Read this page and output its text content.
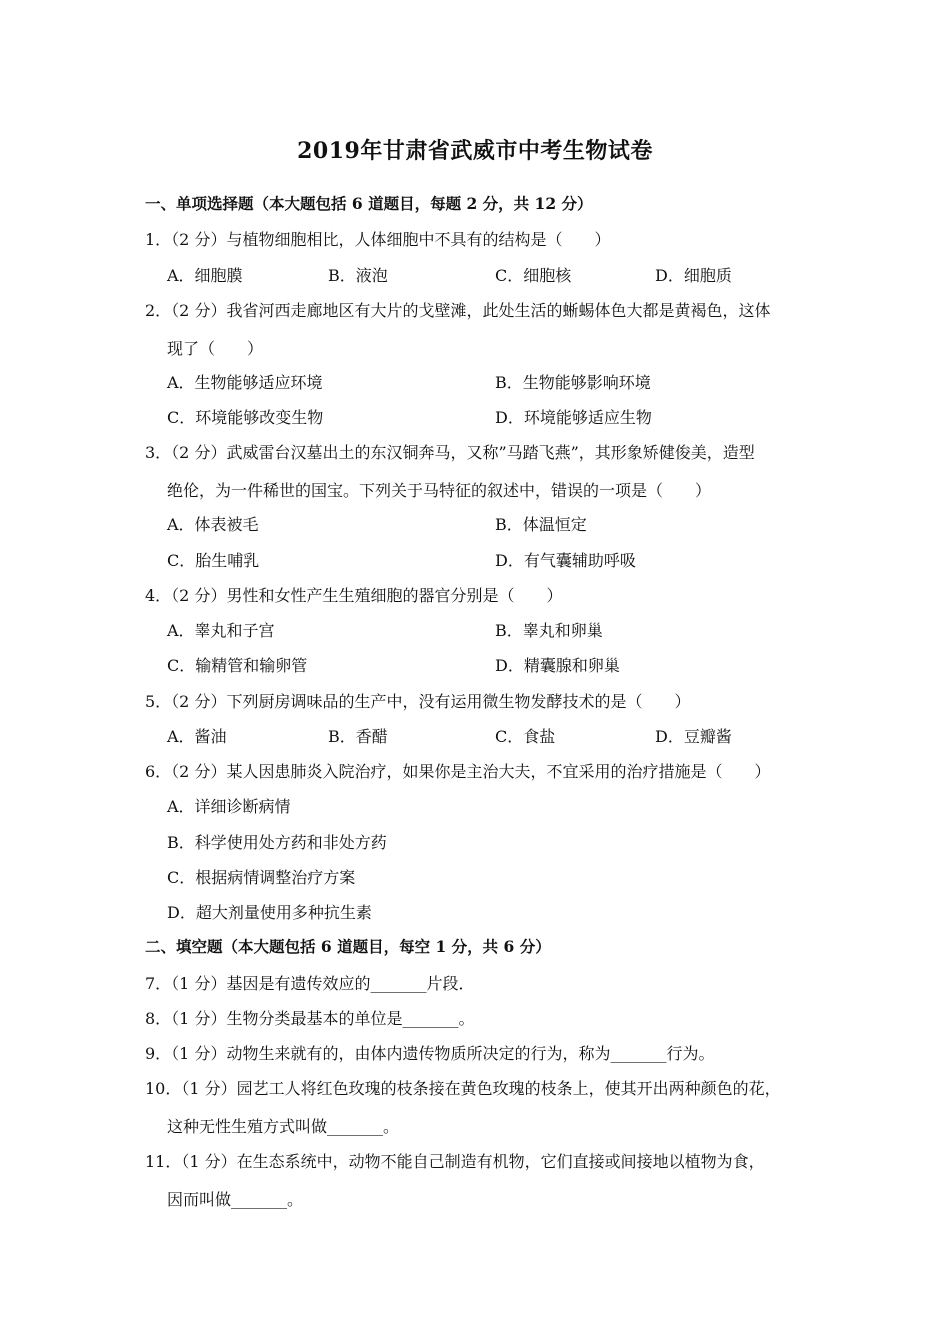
2019年甘肃省武威市中考生物试卷
一、单项选择题（本大题包括 6 道题目，每题 2 分，共 12 分）
1．（2 分）与植物细胞相比，人体细胞中不具有的结构是（　　）
A．细胞膜	B．液泡	C．细胞核	D．细胞质
2．（2 分）我省河西走廊地区有大片的戈壁滩，此处生活的蜥蜴体色大都是黄褐色，这体
现了（　　）
A．生物能够适应环境	B．生物能够影响环境
C．环境能够改变生物	D．环境能够适应生物
3．（2 分）武威雷台汉墓出土的东汉铜奔马，又称”马踏飞燕”，其形象矫健俊美，造型
绝伦，为一件稀世的国宝。下列关于马特征的叙述中，错误的一项是（　　）
A．体表被毛	B．体温恒定
C．胎生哺乳	D．有气囊辅助呼吸
4．（2 分）男性和女性产生生殖细胞的器官分别是（　　）
A．睾丸和子宫	B．睾丸和卵巢
C．输精管和输卵管	D．精囊腺和卵巢
5．（2 分）下列厨房调味品的生产中，没有运用微生物发酵技术的是（　　）
A．酱油	B．香醋	C．食盐	D．豆瓣酱
6．（2 分）某人因患肺炎入院治疗，如果你是主治大夫，不宜采用的治疗措施是（　　）
A．详细诊断病情
B．科学使用处方药和非处方药
C．根据病情调整治疗方案
D．超大剂量使用多种抗生素
二、填空题（本大题包括 6 道题目，每空 1 分，共 6 分）
7．（1 分）基因是有遗传效应的_______片段．
8．（1 分）生物分类最基本的单位是_______。
9．（1 分）动物生来就有的，由体内遗传物质所决定的行为，称为_______行为。
10．（1 分）园艺工人将红色玫瑰的枝条接在黄色玫瑰的枝条上，使其开出两种颜色的花，
这种无性生殖方式叫做_______。
11．（1 分）在生态系统中，动物不能自己制造有机物，它们直接或间接地以植物为食，
因而叫做_______。
